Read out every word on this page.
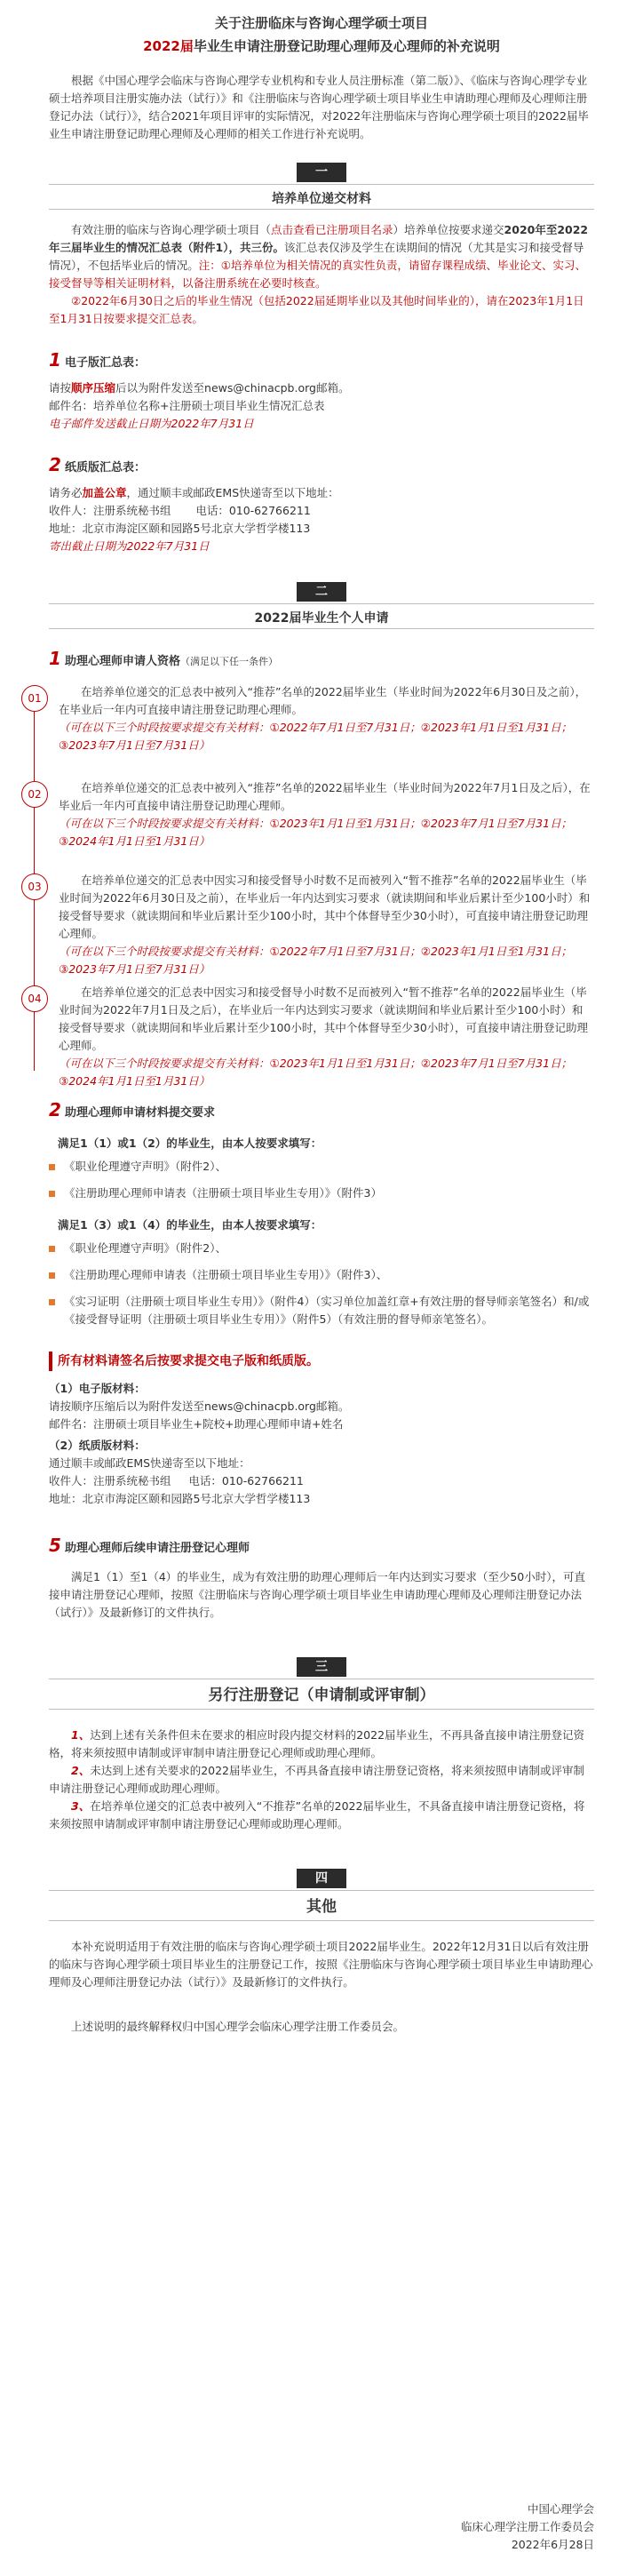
关于注册临床与咨询心理学硕士项目
2022届毕业生申请注册登记助理心理师及心理师的补充说明
根据《中国心理学会临床与咨询心理学专业机构和专业人员注册标准（第二版）》、《临床与咨询心理学专业硕士培养项目注册实施办法（试行）》和《注册临床与咨询心理学硕士项目毕业生申请助理心理师及心理师注册登记办法（试行）》，结合2021年项目评审的实际情况，对2022年注册临床与咨询心理学硕士项目的2022届毕业生申请注册登记助理心理师及心理师的相关工作进行补充说明。
一
培养单位递交材料
有效注册的临床与咨询心理学硕士项目（点击查看已注册项目名录）培养单位按要求递交2020年至2022年三届毕业生的情况汇总表（附件1），共三份。该汇总表仅涉及学生在读期间的情况（尤其是实习和接受督导情况），不包括毕业后的情况。注：①培养单位为相关情况的真实性负责，请留存课程成绩、毕业论文、实习、接受督导等相关证明材料，以备注册系统在必要时核查。
②2022年6月30日之后的毕业生情况（包括2022届延期毕业以及其他时间毕业的），请在2023年1月1日至1月31日按要求提交汇总表。
1 电子版汇总表：
请按顺序压缩后以为附件发送至news@chinacpb.org邮箱。
邮件名：培养单位名称+注册硕士项目毕业生情况汇总表
电子邮件发送截止日期为2022年7月31日
2 纸质版汇总表：
请务必加盖公章，通过顺丰或邮政EMS快递寄至以下地址：
收件人：注册系统秘书组       电话：010-62766211
地址：北京市海淀区颐和园路5号北京大学哲学楼113
寄出截止日期为2022年7月31日
二
2022届毕业生个人申请
1 助理心理师申请人资格 （满足以下任一条件）
01	在培养单位递交的汇总表中被列入“推荐”名单的2022届毕业生（毕业时间为2022年6月30日及之前），在毕业后一年内可直接申请注册登记助理心理师。
（可在以下三个时段按要求提交有关材料：①2022年7月1日至7月31日；②2023年1月1日至1月31日；③2023年7月1日至7月31日）
02	在培养单位递交的汇总表中被列入“推荐”名单的2022届毕业生（毕业时间为2022年7月1日及之后），在毕业后一年内可直接申请注册登记助理心理师。
（可在以下三个时段按要求提交有关材料：①2023年1月1日至1月31日；②2023年7月1日至7月31日；③2024年1月1日至1月31日）
03	在培养单位递交的汇总表中因实习和接受督导小时数不足而被列入“暂不推荐”名单的2022届毕业生（毕业时间为2022年6月30日及之前），在毕业后一年内达到实习要求（就读期间和毕业后累计至少100小时）和接受督导要求（就读期间和毕业后累计至少100小时，其中个体督导至少30小时），可直接申请注册登记助理心理师。
（可在以下三个时段按要求提交有关材料：①2022年7月1日至7月31日；②2023年1月1日至1月31日；③2023年7月1日至7月31日）
04	在培养单位递交的汇总表中因实习和接受督导小时数不足而被列入“暂不推荐”名单的2022届毕业生（毕业时间为2022年7月1日及之后），在毕业后一年内达到实习要求（就读期间和毕业后累计至少100小时）和接受督导要求（就读期间和毕业后累计至少100小时，其中个体督导至少30小时），可直接申请注册登记助理心理师。
（可在以下三个时段按要求提交有关材料：①2023年1月1日至1月31日；②2023年7月1日至7月31日；③2024年1月1日至1月31日）
2 助理心理师申请材料提交要求
满足1（1）或1（2）的毕业生，由本人按要求填写：
《职业伦理遵守声明》（附件2）、
《注册助理心理师申请表（注册硕士项目毕业生专用）》（附件3）
满足1（3）或1（4）的毕业生，由本人按要求填写：
《职业伦理遵守声明》（附件2）、
《注册助理心理师申请表（注册硕士项目毕业生专用）》（附件3）、
《实习证明（注册硕士项目毕业生专用）》（附件4）（实习单位加盖红章+有效注册的督导师亲笔签名）和/或《接受督导证明（注册硕士项目毕业生专用）》（附件5）（有效注册的督导师亲笔签名）。
所有材料请签名后按要求提交电子版和纸质版。
（1）电子版材料：
请按顺序压缩后以为附件发送至news@chinacpb.org邮箱。
邮件名：注册硕士项目毕业生+院校+助理心理师申请+姓名
（2）纸质版材料：
通过顺丰或邮政EMS快递寄至以下地址：
收件人：注册系统秘书组     电话：010-62766211
地址：北京市海淀区颐和园路5号北京大学哲学楼113
5 助理心理师后续申请注册登记心理师
满足1（1）至1（4）的毕业生，成为有效注册的助理心理师后一年内达到实习要求（至少50小时），可直接申请注册登记心理师，按照《注册临床与咨询心理学硕士项目毕业生申请助理心理师及心理师注册登记办法（试行）》及最新修订的文件执行。
三
另行注册登记（申请制或评审制）
1、达到上述有关条件但未在要求的相应时段内提交材料的2022届毕业生，不再具备直接申请注册登记资格，将来须按照申请制或评审制申请注册登记心理师或助理心理师。
2、未达到上述有关要求的2022届毕业生，不再具备直接申请注册登记资格，将来须按照申请制或评审制申请注册登记心理师或助理心理师。
3、在培养单位递交的汇总表中被列入“不推荐”名单的2022届毕业生，不具备直接申请注册登记资格，将来须按照申请制或评审制申请注册登记心理师或助理心理师。
四
其他
本补充说明适用于有效注册的临床与咨询心理学硕士项目2022届毕业生。2022年12月31日以后有效注册的临床与咨询心理学硕士项目毕业生的注册登记工作，按照《注册临床与咨询心理学硕士项目毕业生申请助理心理师及心理师注册登记办法（试行）》及最新修订的文件执行。
上述说明的最终解释权归中国心理学会临床心理学注册工作委员会。
中国心理学会
临床心理学注册工作委员会
2022年6月28日
